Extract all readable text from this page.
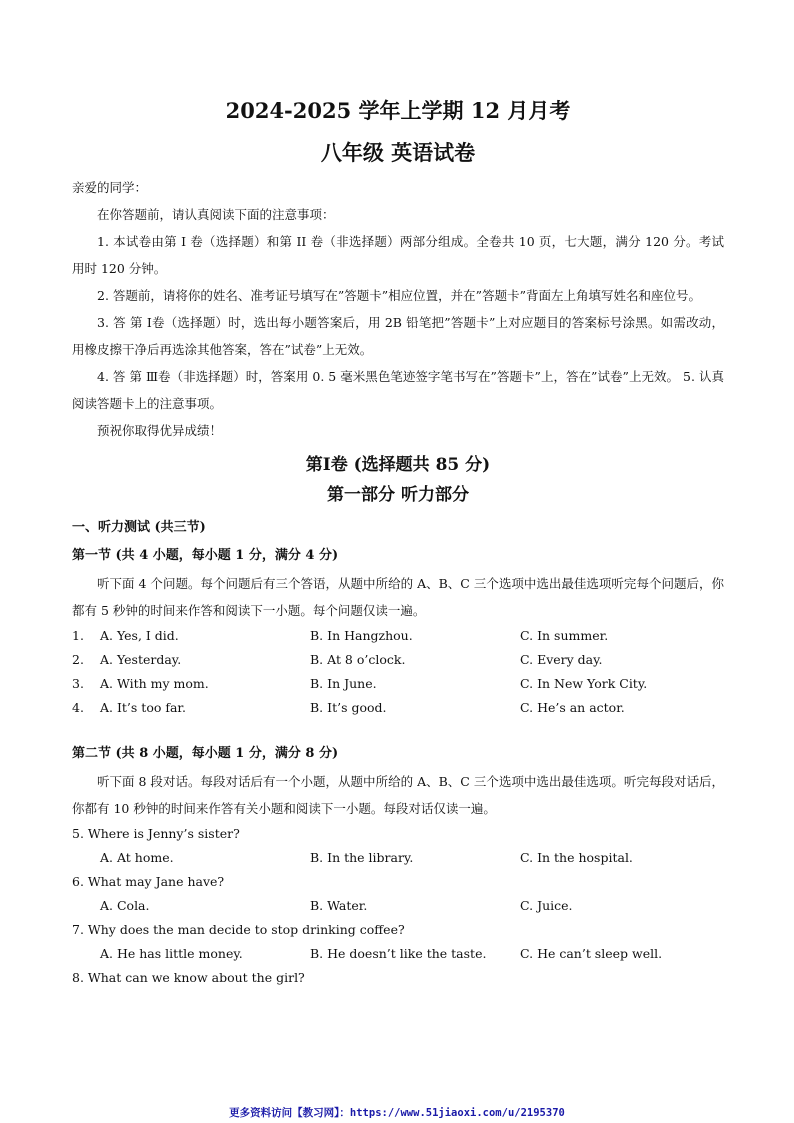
2024-2025 学年上学期 12 月月考
八年级 英语试卷

亲爱的同学：

在你答题前，请认真阅读下面的注意事项：

1. 本试卷由第 I 卷（选择题）和第 II 卷（非选择题）两部分组成。全卷共 10 页，七大题，满分 120 分。考试用时 120 分钟。

2. 答题前，请将你的姓名、准考证号填写在”答题卡”相应位置，并在”答题卡”背面左上角填写姓名和座位号。

3. 答 第 Ⅰ卷（选择题）时，选出每小题答案后，用 2B 铅笔把”答题卡”上对应题目的答案标号涂黑。如需改动，用橡皮擦干净后再选涂其他答案，答在”试卷”上无效。

4. 答 第 Ⅲ卷（非选择题）时，答案用 0. 5 毫米黑色笔迹签字笔书写在”答题卡”上，答在”试卷”上无效。 5. 认真阅读答题卡上的注意事项。

预祝你取得优异成绩！

第Ⅰ卷 (选择题共 85 分)
第一部分 听力部分

一、听力测试 (共三节)

第一节 (共 4 小题，每小题 1 分，满分 4 分)

听下面 4 个问题。每个问题后有三个答语，从题中所给的 A、B、C 三个选项中选出最佳选项听完每个问题后，你都有 5 秒钟的时间来作答和阅读下一小题。每个问题仅读一遍。

1.	A. Yes, I did.	B. In Hangzhou.	C. In summer.
2.	A. Yesterday.	B. At 8 o’clock.	C. Every day.
3.	A. With my mom.	B. In June.	C. In New York City.
4.	A. It’s too far.	B. It’s good.	C. He’s an actor.

第二节 (共 8 小题，每小题 1 分，满分 8 分)

听下面 8 段对话。每段对话后有一个小题，从题中所给的 A、B、C 三个选项中选出最佳选项。听完每段对话后，你都有 10 秒钟的时间来作答有关小题和阅读下一小题。每段对话仅读一遍。

5. Where is Jenny’s sister?

A. At home.	B. In the library.	C. In the hospital.

6. What may Jane have?

A. Cola.	B. Water.	C. Juice.

7. Why does the man decide to stop drinking coffee?

A. He has little money.	B. He doesn’t like the taste.	C. He can’t sleep well.

8. What can we know about the girl?

更多资料访问【教习网】：https://www.51jiaoxi.com/u/2195370
